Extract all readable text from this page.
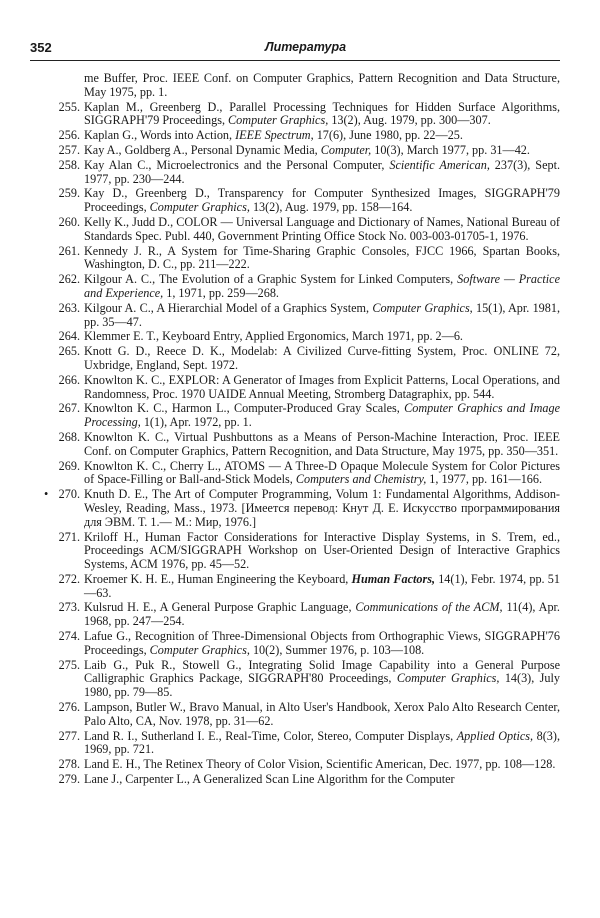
352	Литература
me Buffer, Proc. IEEE Conf. on Computer Graphics, Pattern Recognition and Data Structure, May 1975, pp. 1.
255. Kaplan M., Greenberg D., Parallel Processing Techniques for Hidden Surface Algorithms, SIGGRAPH'79 Proceedings, Computer Graphics, 13(2), Aug. 1979, pp. 300—307.
256. Kaplan G., Words into Action, IEEE Spectrum, 17(6), June 1980, pp. 22—25.
257. Kay A., Goldberg A., Personal Dynamic Media, Computer, 10(3), March 1977, pp. 31—42.
258. Kay Alan C., Microelectronics and the Personal Computer, Scientific American, 237(3), Sept. 1977, pp. 230—244.
259. Kay D., Greenberg D., Transparency for Computer Synthesized Images, SIGGRAPH'79 Proceedings, Computer Graphics, 13(2), Aug. 1979, pp. 158—164.
260. Kelly K., Judd D., COLOR — Universal Language and Dictionary of Names, National Bureau of Standards Spec. Publ. 440, Government Printing Office Stock No. 003-003-01705-1, 1976.
261. Kennedy J. R., A System for Time-Sharing Graphic Consoles, FJCC 1966, Spartan Books, Washington, D. C., pp. 211—222.
262. Kilgour A. C., The Evolution of a Graphic System for Linked Computers, Software — Practice and Experience, 1, 1971, pp. 259—268.
263. Kilgour A. C., A Hierarchial Model of a Graphics System, Computer Graphics, 15(1), Apr. 1981, pp. 35—47.
264. Klemmer E. T., Keyboard Entry, Applied Ergonomics, March 1971, pp. 2—6.
265. Knott G. D., Reece D. K., Modelab: A Civilized Curve-fitting System, Proc. ONLINE 72, Uxbridge, England, Sept. 1972.
266. Knowlton K. C., EXPLOR: A Generator of Images from Explicit Patterns, Local Operations, and Randomness, Proc. 1970 UAIDE Annual Meeting, Stromberg Datagraphix, pp. 544.
267. Knowlton K. C., Harmon L., Computer-Produced Gray Scales, Computer Graphics and Image Processing, 1(1), Apr. 1972, pp. 1.
268. Knowlton K. C., Virtual Pushbuttons as a Means of Person-Machine Interaction, Proc. IEEE Conf. on Computer Graphics, Pattern Recognition, and Data Structure, May 1975, pp. 350—351.
269. Knowlton K. C., Cherry L., ATOMS — A Three-D Opaque Molecule System for Color Pictures of Space-Filling or Ball-and-Stick Models, Computers and Chemistry, 1, 1977, pp. 161—166.
• 270. Knuth D. E., The Art of Computer Programming, Volum 1: Fundamental Algorithms, Addison-Wesley, Reading, Mass., 1973. [Имеется перевод: Кнут Д. Е. Искусство программирования для ЭВМ. Т. 1.— М.: Мир, 1976.]
271. Kriloff H., Human Factor Considerations for Interactive Display Systems, in S. Trem, ed., Proceedings ACM/SIGGRAPH Workshop on User-Oriented Design of Interactive Graphics Systems, ACM 1976, pp. 45—52.
272. Kroemer K. H. E., Human Engineering the Keyboard, Human Factors, 14(1), Febr. 1974, pp. 51—63.
273. Kulsrud H. E., A General Purpose Graphic Language, Communications of the ACM, 11(4), Apr. 1968, pp. 247—254.
274. Lafue G., Recognition of Three-Dimensional Objects from Orthographic Views, SIGGRAPH'76 Proceedings, Computer Graphics, 10(2), Summer 1976, p. 103—108.
275. Laib G., Puk R., Stowell G., Integrating Solid Image Capability into a General Purpose Calligraphic Graphics Package, SIGGRAPH'80 Proceedings, Computer Graphics, 14(3), July 1980, pp. 79—85.
276. Lampson, Butler W., Bravo Manual, in Alto User's Handbook, Xerox Palo Alto Research Center, Palo Alto, CA, Nov. 1978, pp. 31—62.
277. Land R. I., Sutherland I. E., Real-Time, Color, Stereo, Computer Displays, Applied Optics, 8(3), 1969, pp. 721.
278. Land E. H., The Retinex Theory of Color Vision, Scientific American, Dec. 1977, pp. 108—128.
279. Lane J., Carpenter L., A Generalized Scan Line Algorithm for the Computer
